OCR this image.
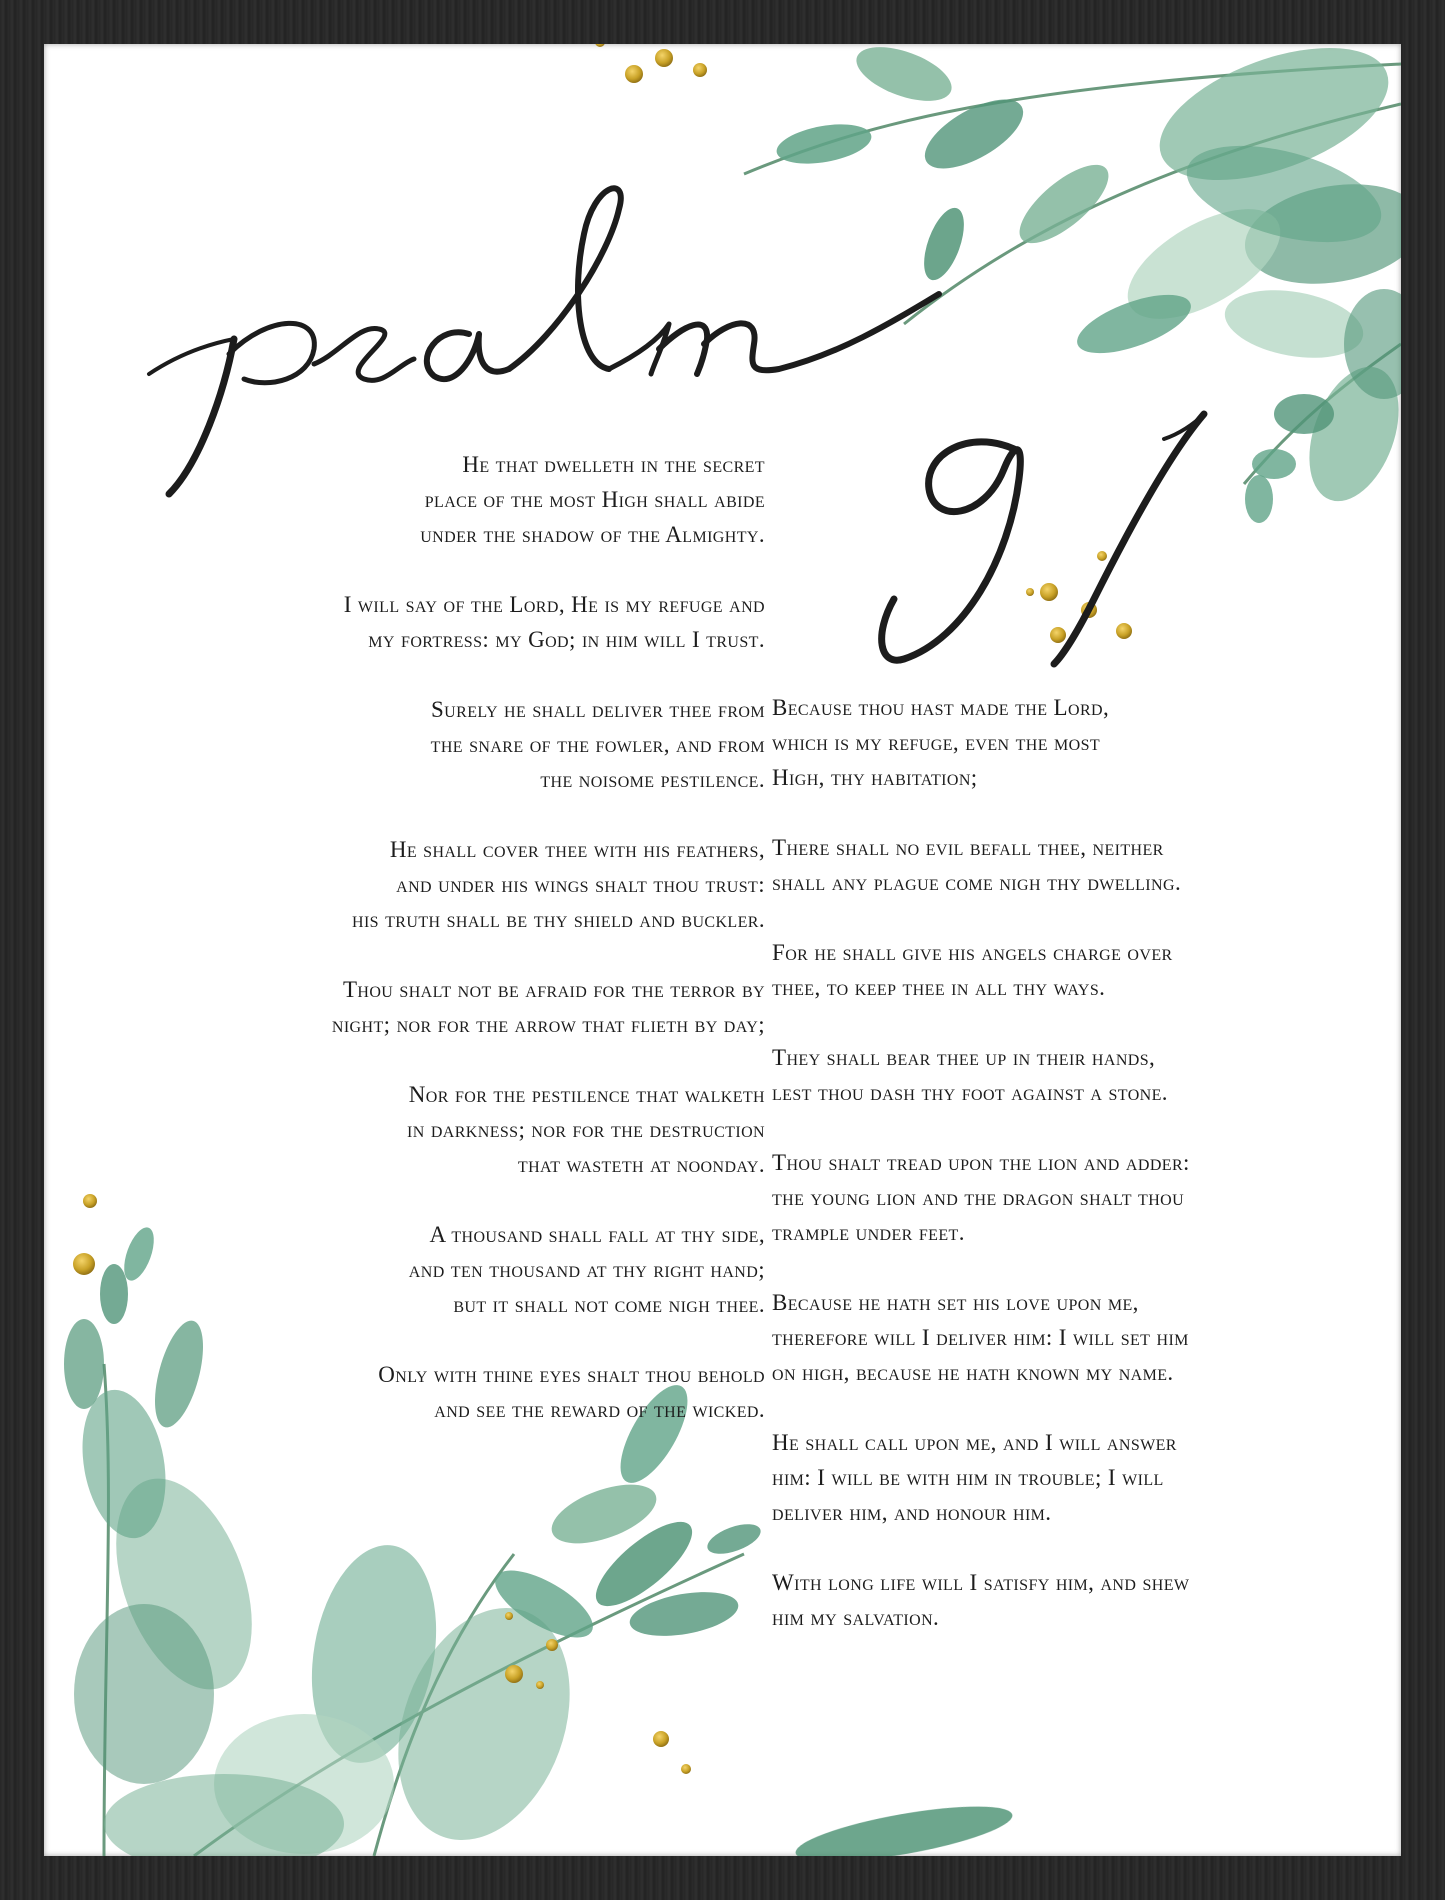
He that dwelleth in the secret
place of the most High shall abide
under the shadow of the Almighty.

I will say of the Lord, He is my refuge and
my fortress: my God; in him will I trust.

Surely he shall deliver thee from
the snare of the fowler, and from
the noisome pestilence.

He shall cover thee with his feathers,
and under his wings shalt thou trust:
his truth shall be thy shield and buckler.

Thou shalt not be afraid for the terror by
night; nor for the arrow that flieth by day;

Nor for the pestilence that walketh
in darkness; nor for the destruction
that wasteth at noonday.

A thousand shall fall at thy side,
and ten thousand at thy right hand;
but it shall not come nigh thee.

Only with thine eyes shalt thou behold
and see the reward of the wicked.

Because thou hast made the Lord,
which is my refuge, even the most
High, thy habitation;

There shall no evil befall thee, neither
shall any plague come nigh thy dwelling.

For he shall give his angels charge over
thee, to keep thee in all thy ways.

They shall bear thee up in their hands,
lest thou dash thy foot against a stone.

Thou shalt tread upon the lion and adder:
the young lion and the dragon shalt thou
trample under feet.

Because he hath set his love upon me,
therefore will I deliver him: I will set him
on high, because he hath known my name.

He shall call upon me, and I will answer
him: I will be with him in trouble; I will
deliver him, and honour him.

With long life will I satisfy him, and shew
him my salvation.
